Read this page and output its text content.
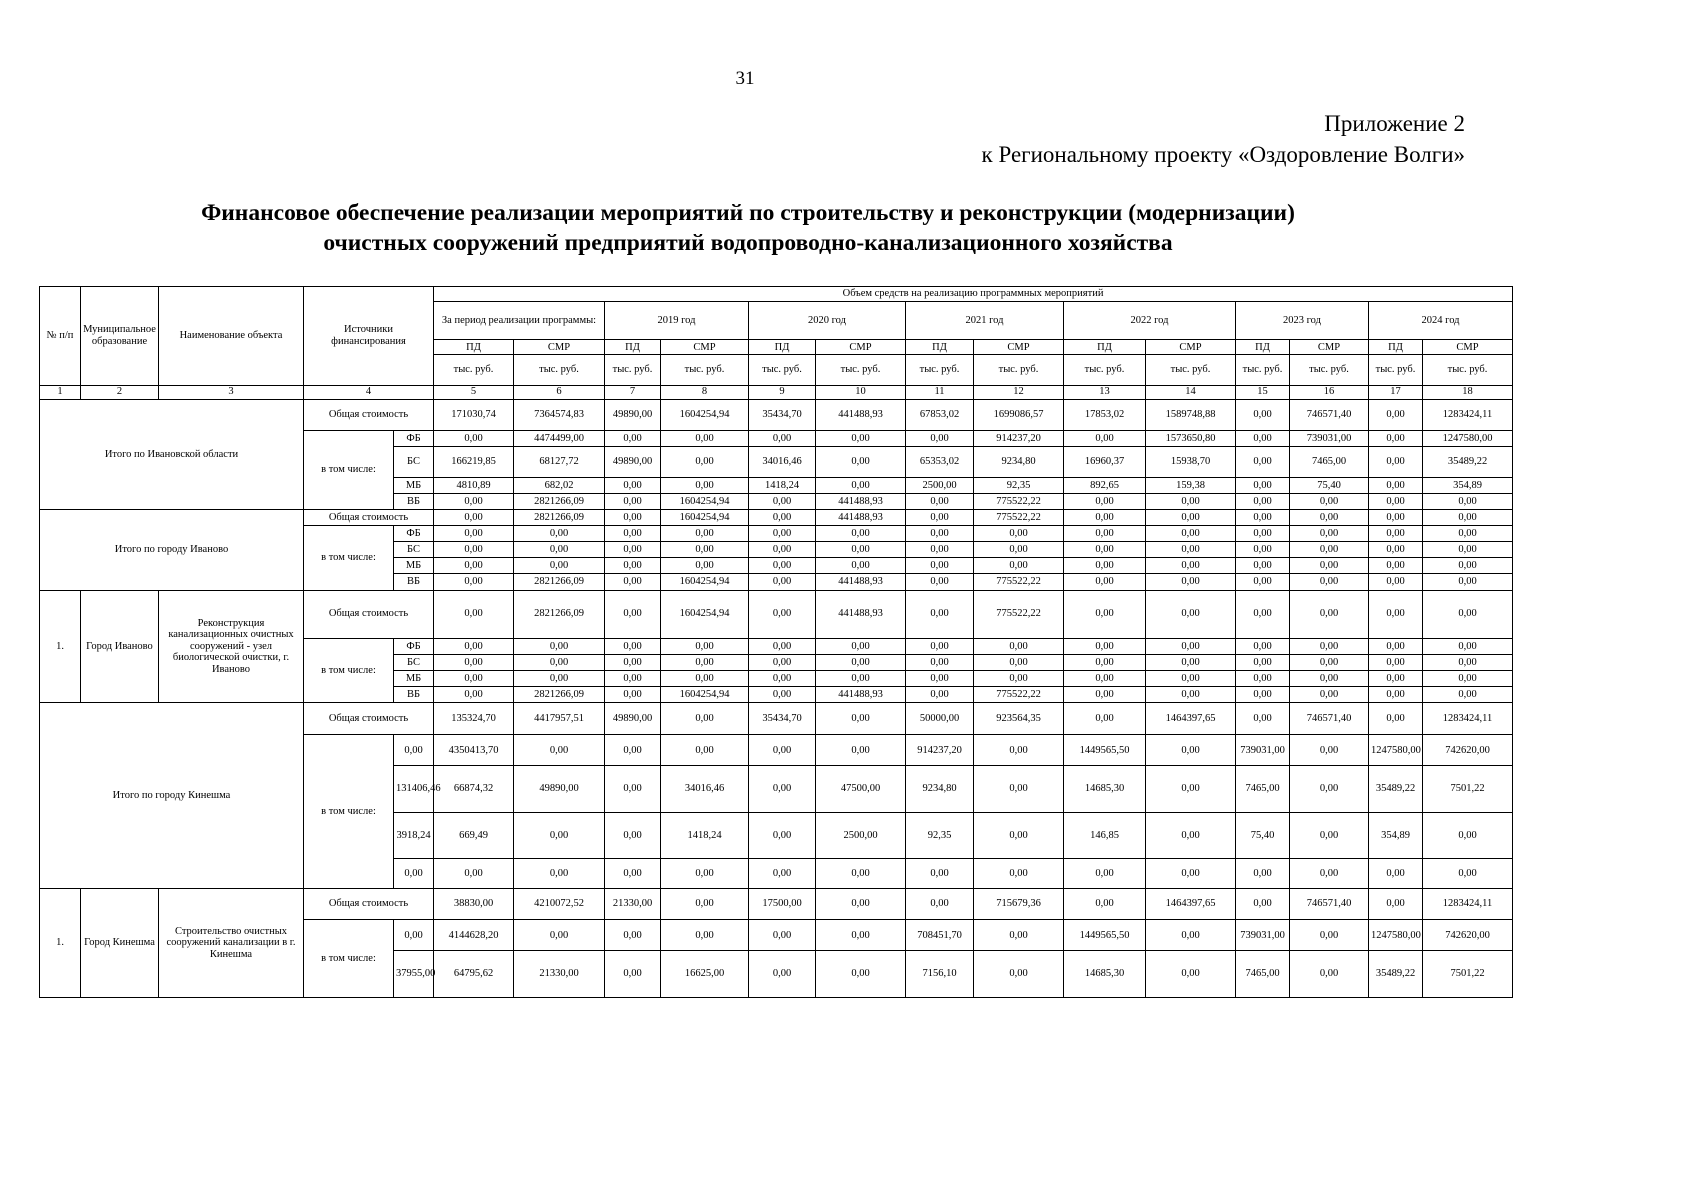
31
Приложение 2
к Региональному проекту «Оздоровление Волги»
Финансовое обеспечение реализации мероприятий по строительству и реконструкции (модернизации)
очистных сооружений предприятий водопроводно-канализационного хозяйства
№ п/п	Муниципальное образование	Наименование объекта	Источники финансирования		Объем средств на реализацию программных мероприятий													
					За период реализации программы:		2019 год		2020 год		2021 год		2022 год		2023 год		2024 год	
					ПД	СМР	ПД	СМР	ПД	СМР	ПД	СМР	ПД	СМР	ПД	СМР	ПД	СМР
					тыс. руб.	тыс. руб.	тыс. руб.	тыс. руб.	тыс. руб.	тыс. руб.	тыс. руб.	тыс. руб.	тыс. руб.	тыс. руб.	тыс. руб.	тыс. руб.	тыс. руб.	тыс. руб.
1	2	3	4		5	6	7	8	9	10	11	12	13	14	15	16	17	18
Итого по Ивановской области			Общая стоимость		171030,74	7364574,83	49890,00	1604254,94	35434,70	441488,93	67853,02	1699086,57	17853,02	1589748,88	0,00	746571,40	0,00	1283424,11
			в том числе:	ФБ	0,00	4474499,00	0,00	0,00	0,00	0,00	0,00	914237,20	0,00	1573650,80	0,00	739031,00	0,00	1247580,00
				БС	166219,85	68127,72	49890,00	0,00	34016,46	0,00	65353,02	9234,80	16960,37	15938,70	0,00	7465,00	0,00	35489,22
				МБ	4810,89	682,02	0,00	0,00	1418,24	0,00	2500,00	92,35	892,65	159,38	0,00	75,40	0,00	354,89
				ВБ	0,00	2821266,09	0,00	1604254,94	0,00	441488,93	0,00	775522,22	0,00	0,00	0,00	0,00	0,00	0,00
Итого по городу Иваново			Общая стоимость		0,00	2821266,09	0,00	1604254,94	0,00	441488,93	0,00	775522,22	0,00	0,00	0,00	0,00	0,00	0,00
			в том числе:	ФБ	0,00	0,00	0,00	0,00	0,00	0,00	0,00	0,00	0,00	0,00	0,00	0,00	0,00	0,00
				БС	0,00	0,00	0,00	0,00	0,00	0,00	0,00	0,00	0,00	0,00	0,00	0,00	0,00	0,00
				МБ	0,00	0,00	0,00	0,00	0,00	0,00	0,00	0,00	0,00	0,00	0,00	0,00	0,00	0,00
				ВБ	0,00	2821266,09	0,00	1604254,94	0,00	441488,93	0,00	775522,22	0,00	0,00	0,00	0,00	0,00	0,00
1.	Город Иваново	Реконструкция канализационных очистных сооружений - узел биологической очистки, г. Иваново	Общая стоимость		0,00	2821266,09	0,00	1604254,94	0,00	441488,93	0,00	775522,22	0,00	0,00	0,00	0,00	0,00	0,00
			в том числе:	ФБ	0,00	0,00	0,00	0,00	0,00	0,00	0,00	0,00	0,00	0,00	0,00	0,00	0,00	0,00
				БС	0,00	0,00	0,00	0,00	0,00	0,00	0,00	0,00	0,00	0,00	0,00	0,00	0,00	0,00
				МБ	0,00	0,00	0,00	0,00	0,00	0,00	0,00	0,00	0,00	0,00	0,00	0,00	0,00	0,00
				ВБ	0,00	2821266,09	0,00	1604254,94	0,00	441488,93	0,00	775522,22	0,00	0,00	0,00	0,00	0,00	0,00
Итого по городу Кинешма			Общая стоимость		135324,70	4417957,51	49890,00	0,00	35434,70	0,00	50000,00	923564,35	0,00	1464397,65	0,00	746571,40	0,00	1283424,11
			в том числе:	0,00	4350413,70	0,00	0,00	0,00	0,00	0,00	914237,20	0,00	1449565,50	0,00	739031,00	0,00	1247580,00	742620,00
				131406,46	66874,32	49890,00	0,00	34016,46	0,00	47500,00	9234,80	0,00	14685,30	0,00	7465,00	0,00	35489,22	7501,22
				3918,24	669,49	0,00	0,00	1418,24	0,00	2500,00	92,35	0,00	146,85	0,00	75,40	0,00	354,89	0,00
				0,00	0,00	0,00	0,00	0,00	0,00	0,00	0,00	0,00	0,00	0,00	0,00	0,00	0,00	0,00
1.	Город Кинешма	Строительство очистных сооружений канализации в г. Кинешма	Общая стоимость		38830,00	4210072,52	21330,00	0,00	17500,00	0,00	0,00	715679,36	0,00	1464397,65	0,00	746571,40	0,00	1283424,11
			в том числе:	0,00	4144628,20	0,00	0,00	0,00	0,00	0,00	708451,70	0,00	1449565,50	0,00	739031,00	0,00	1247580,00	742620,00
				37955,00	64795,62	21330,00	0,00	16625,00	0,00	0,00	7156,10	0,00	14685,30	0,00	7465,00	0,00	35489,22	7501,22
